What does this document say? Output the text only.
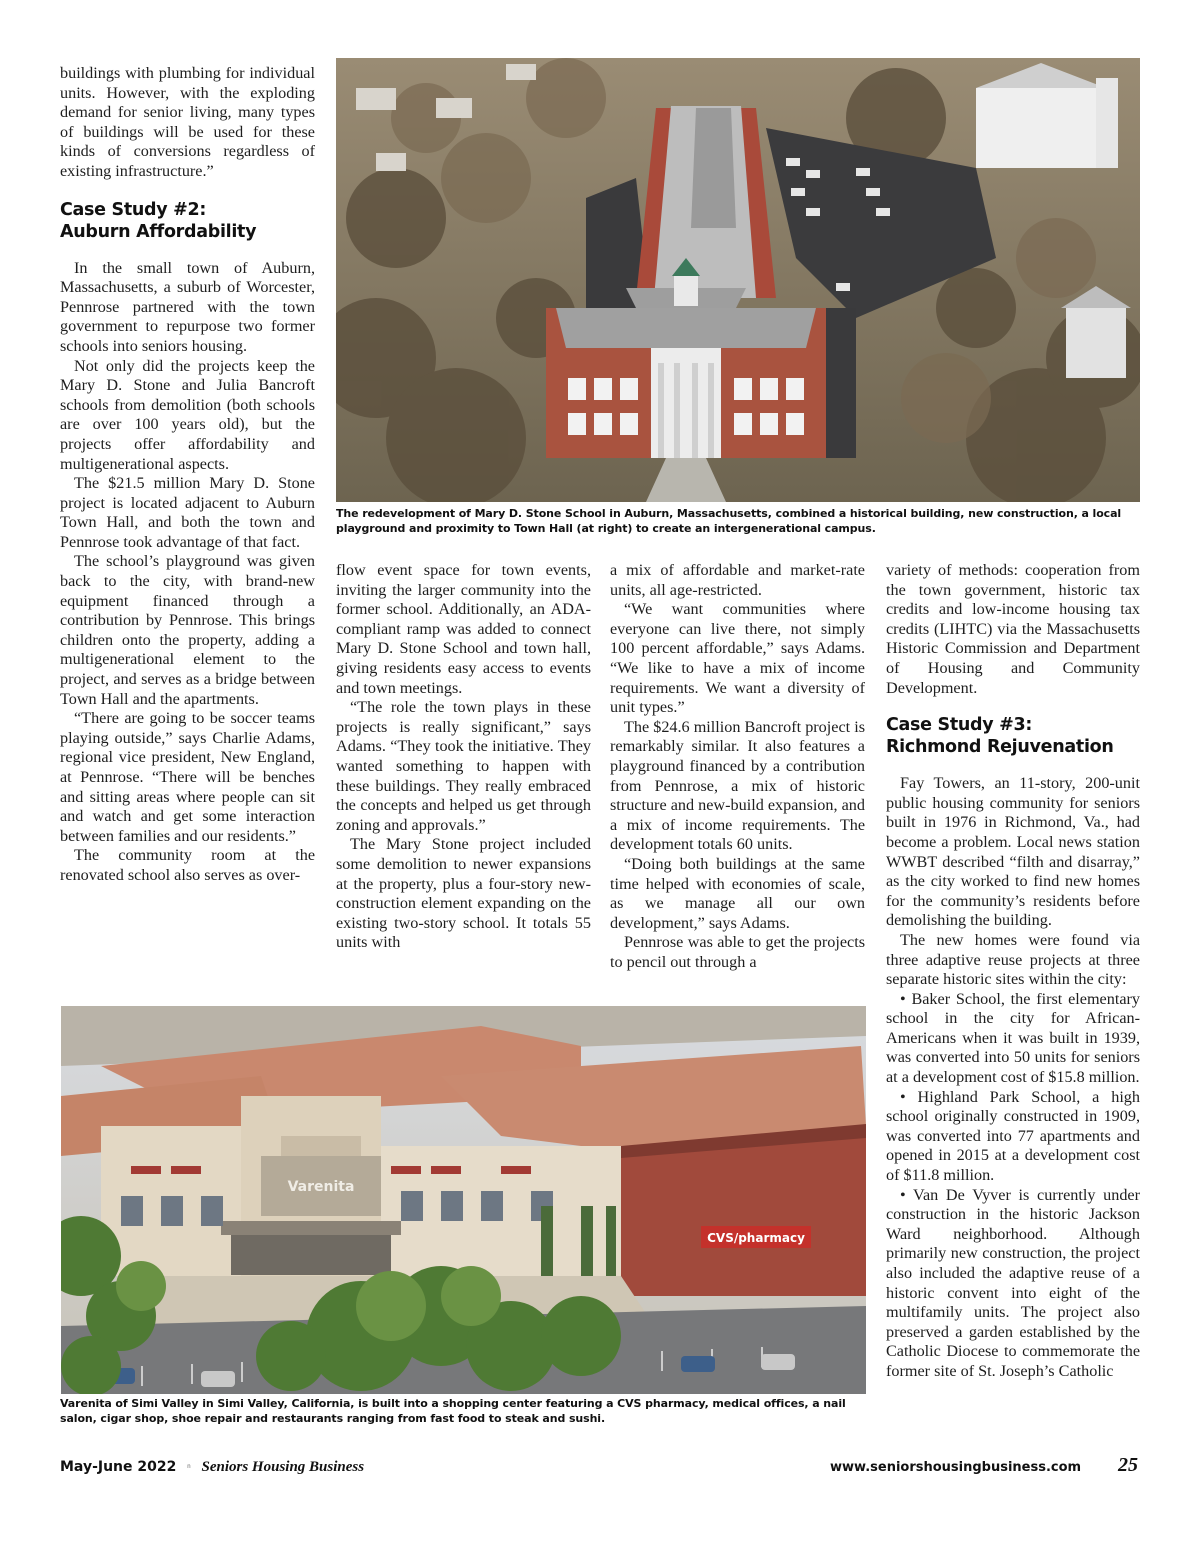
buildings with plumbing for individual units. However, with the exploding demand for senior living, many types of buildings will be used for these kinds of conversions regardless of existing infrastructure.”

Case Study #2:
Auburn Affordability

In the small town of Auburn, Massachusetts, a suburb of Worcester, Pennrose partnered with the town government to repurpose two former schools into seniors housing.

Not only did the projects keep the Mary D. Stone and Julia Bancroft schools from demolition (both schools are over 100 years old), but the projects offer affordability and multigenerational aspects.

The $21.5 million Mary D. Stone project is located adjacent to Auburn Town Hall, and both the town and Pennrose took advantage of that fact.

The school’s playground was given back to the city, with brand-new equipment financed through a contribution by Pennrose. This brings children onto the property, adding a multigenerational element to the project, and serves as a bridge between Town Hall and the apartments.

“There are going to be soccer teams playing outside,” says Charlie Adams, regional vice president, New England, at Pennrose. “There will be benches and sitting areas where people can sit and watch and get some interaction between families and our residents.”

The community room at the renovated school also serves as over-

The redevelopment of Mary D. Stone School in Auburn, Massachusetts, combined a historical building, new construction, a local playground and proximity to Town Hall (at right) to create an intergenerational campus.

flow event space for town events, inviting the larger community into the former school. Additionally, an ADA-compliant ramp was added to connect Mary D. Stone School and town hall, giving residents easy access to events and town meetings.

“The role the town plays in these projects is really significant,” says Adams. “They took the initiative. They wanted something to happen with these buildings. They really embraced the concepts and helped us get through zoning and approvals.”

The Mary Stone project included some demolition to newer expansions at the property, plus a four-story new-construction element expanding on the existing two-story school. It totals 55 units with

a mix of affordable and market-rate units, all age-restricted.

“We want communities where everyone can live there, not simply 100 percent affordable,” says Adams. “We like to have a mix of income requirements. We want a diversity of unit types.”

The $24.6 million Bancroft project is remarkably similar. It also features a playground financed by a contribution from Pennrose, a mix of historic structure and new-build expansion, and a mix of income requirements. The development totals 60 units.

“Doing both buildings at the same time helped with economies of scale, as we manage all our own development,” says Adams.

Pennrose was able to get the projects to pencil out through a

variety of methods: cooperation from the town government, historic tax credits and low-income housing tax credits (LIHTC) via the Massachusetts Historic Commission and Department of Housing and Community Development.

Case Study #3:
Richmond Rejuvenation

Fay Towers, an 11-story, 200-unit public housing community for seniors built in 1976 in Richmond, Va., had become a problem. Local news station WWBT described “filth and disarray,” as the city worked to find new homes for the community’s residents before demolishing the building.

The new homes were found via three adaptive reuse projects at three separate historic sites within the city:

• Baker School, the first elementary school in the city for African-Americans when it was built in 1939, was converted into 50 units for seniors at a development cost of $15.8 million.

• Highland Park School, a high school originally constructed in 1909, was converted into 77 apartments and opened in 2015 at a development cost of $11.8 million.

• Van De Vyver is currently under construction in the historic Jackson Ward neighborhood. Although primarily new construction, the project also included the adaptive reuse of a historic convent into eight of the multifamily units. The project also preserved a garden established by the Catholic Diocese to commemorate the former site of St. Joseph’s Catholic

Varenita
CVS/pharmacy
Varenita of Simi Valley in Simi Valley, California, is built into a shopping center featuring a CVS pharmacy, medical offices, a nail salon, cigar shop, shoe repair and restaurants ranging from fast food to steak and sushi.
May-June 2022 n Seniors Housing Business	www.seniorshousingbusiness.com 25
